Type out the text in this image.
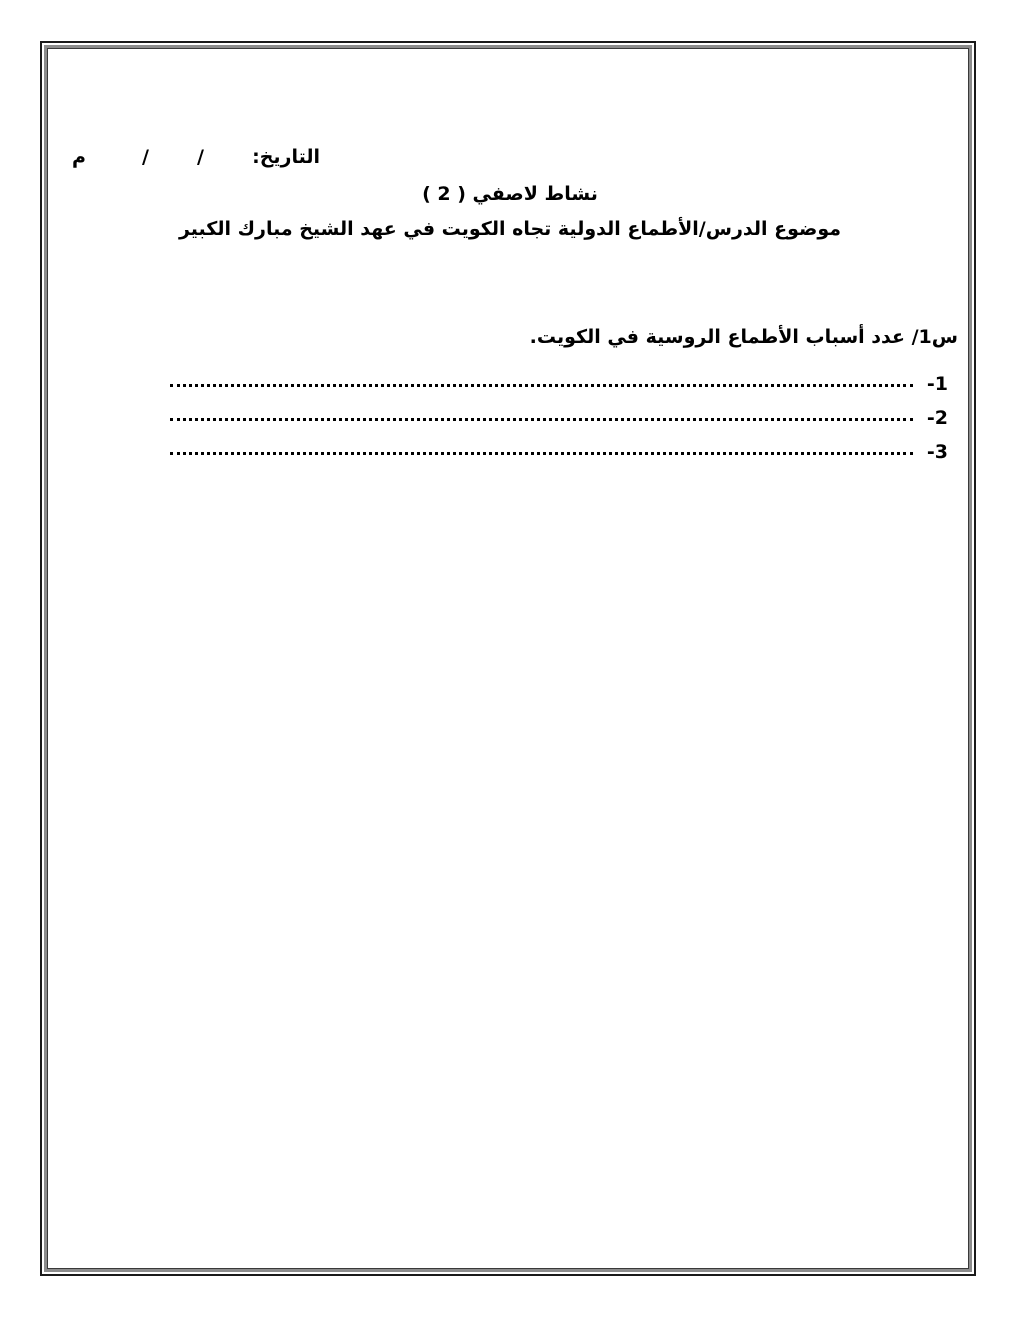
التاريخ:
/
/
م
نشاط لاصفي ( 2 )
موضوع الدرس/الأطماع الدولية تجاه الكويت في عهد الشيخ مبارك الكبير
س1/ عدد أسباب الأطماع الروسية في الكويت.
1-
2-
3-
